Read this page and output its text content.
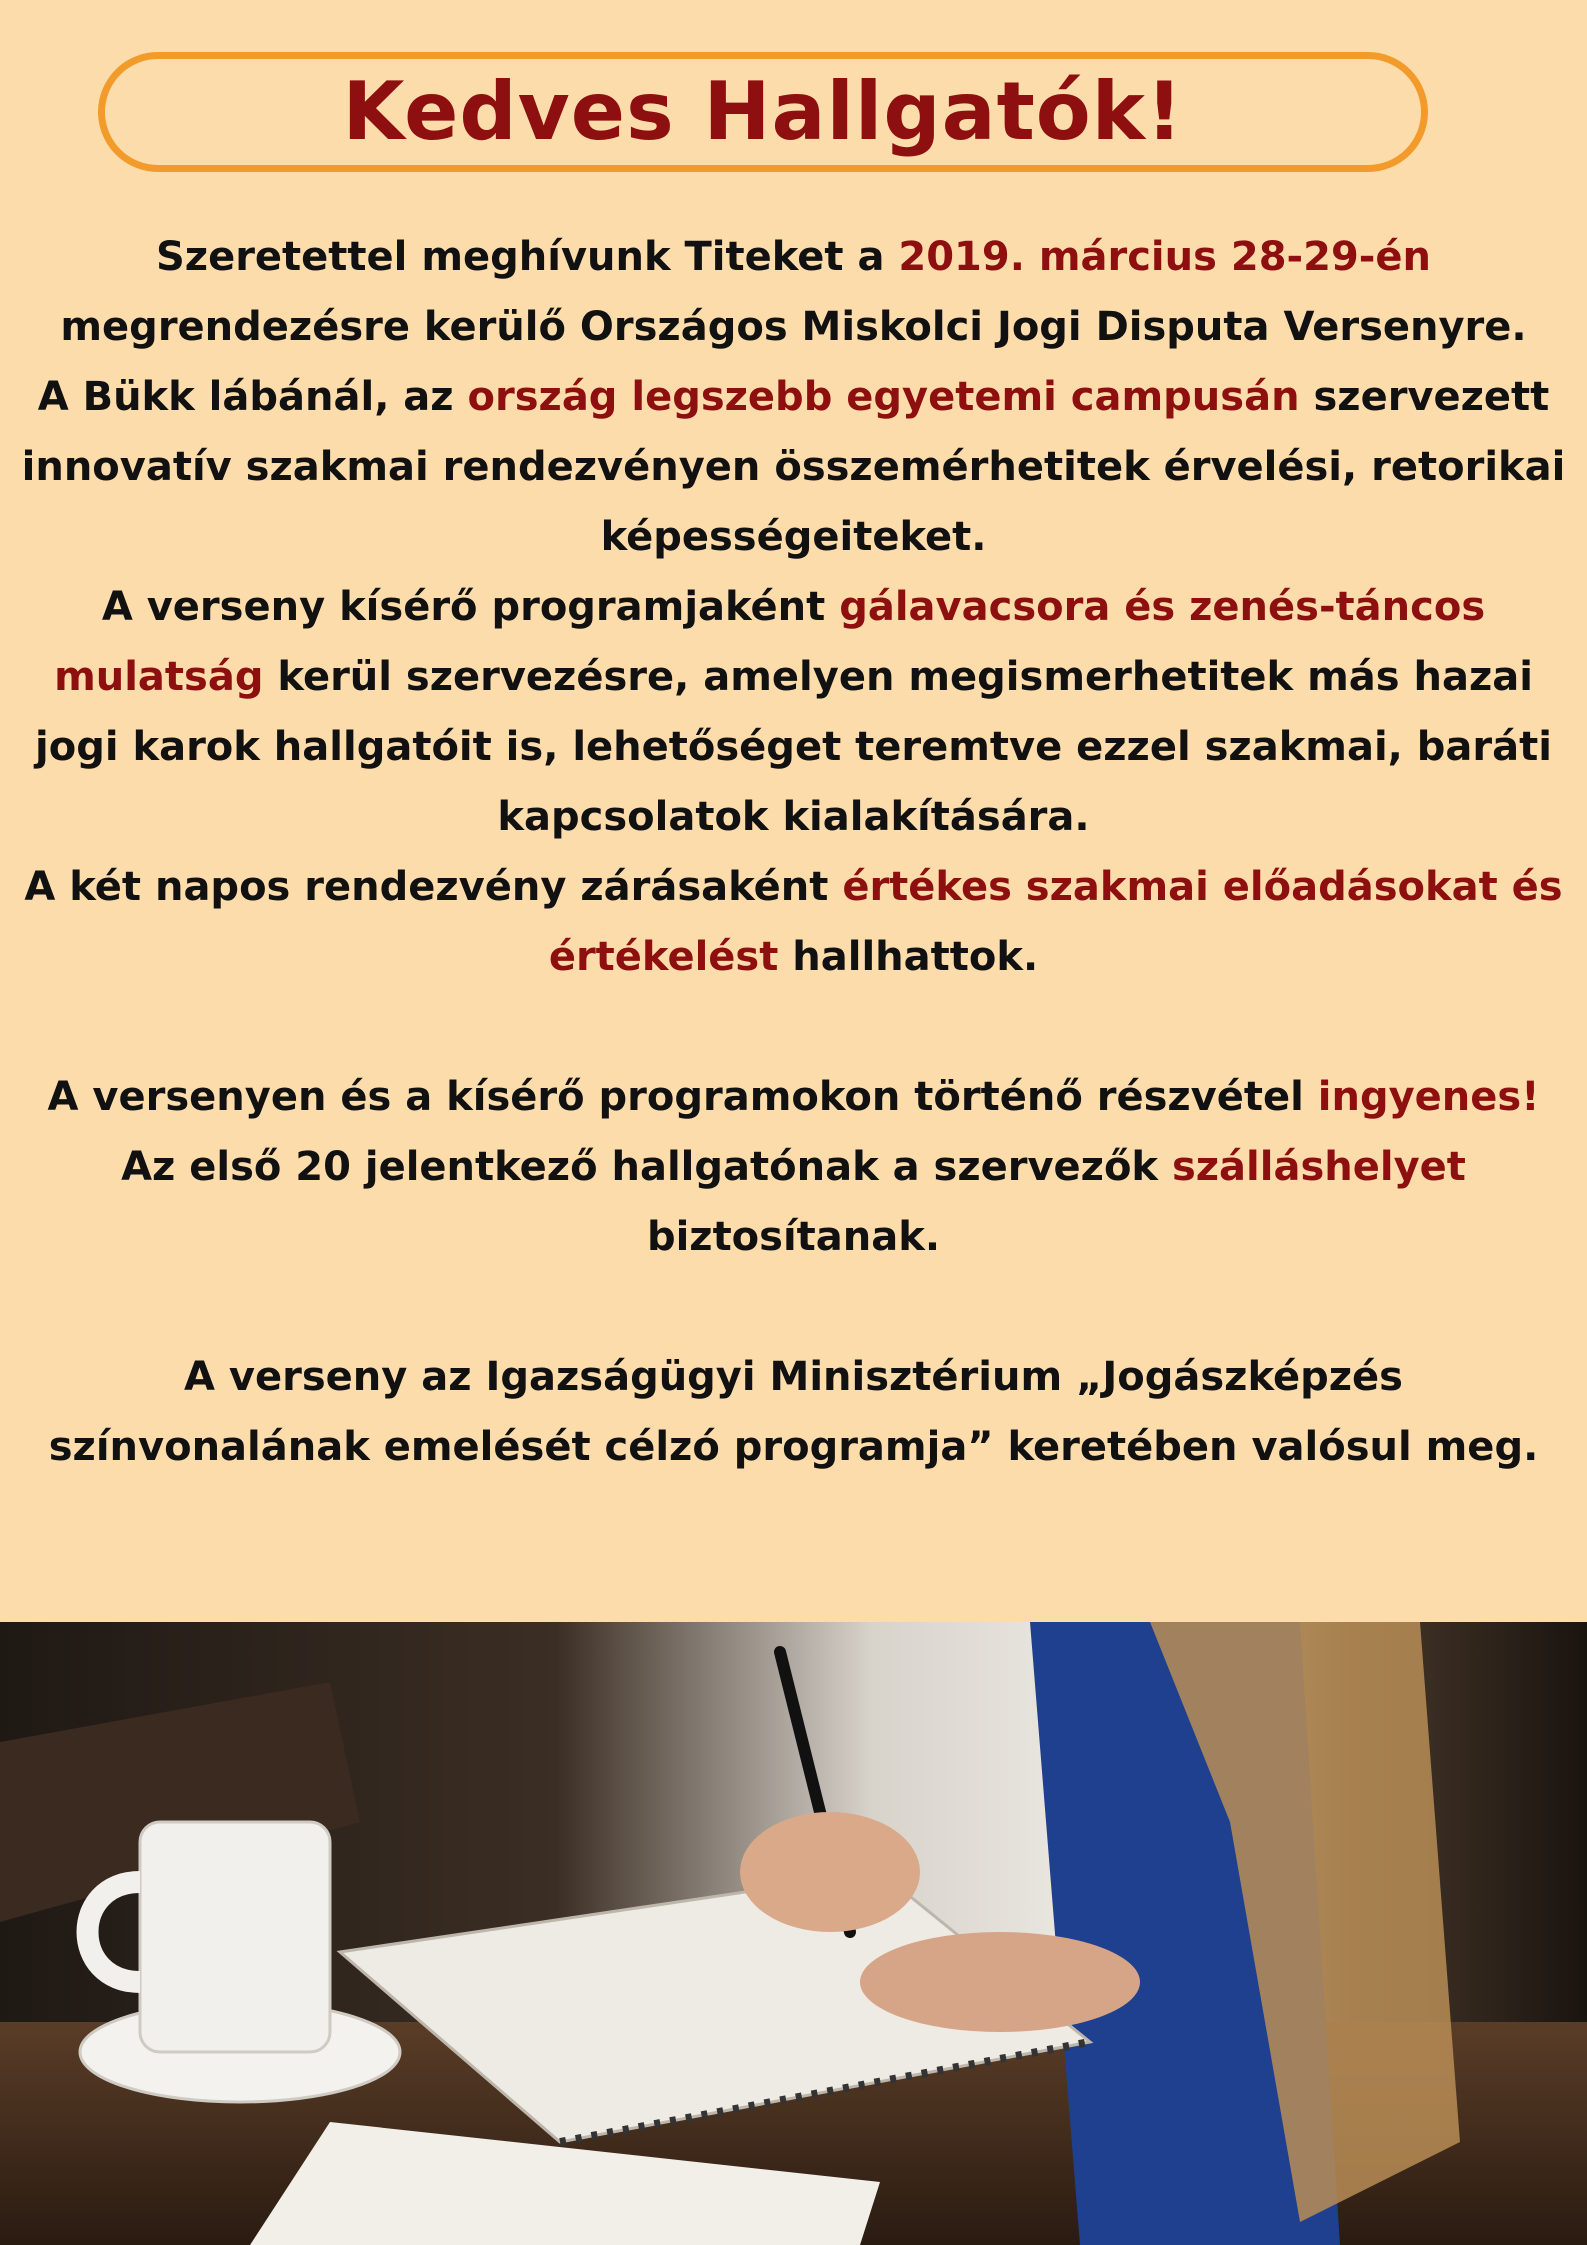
Kedves Hallgatók!

Szeretettel meghívunk Titeket a 2019. március 28-29-én megrendezésre kerülő Országos Miskolci Jogi Disputa Versenyre.

A Bükk lábánál, az ország legszebb egyetemi campusán szervezett innovatív szakmai rendezvényen összemérhetitek érvelési, retorikai képességeiteket.

A verseny kísérő programjaként gálavacsora és zenés-táncos mulatság kerül szervezésre, amelyen megismerhetitek más hazai jogi karok hallgatóit is, lehetőséget teremtve ezzel szakmai, baráti kapcsolatok kialakítására.

A két napos rendezvény zárásaként értékes szakmai előadásokat és értékelést hallhattok.

A versenyen és a kísérő programokon történő részvétel ingyenes! Az első 20 jelentkező hallgatónak a szervezők szálláshelyet biztosítanak.

A verseny az Igazságügyi Minisztérium „Jogászképzés színvonalának emelését célzó programja” keretében valósul meg.
